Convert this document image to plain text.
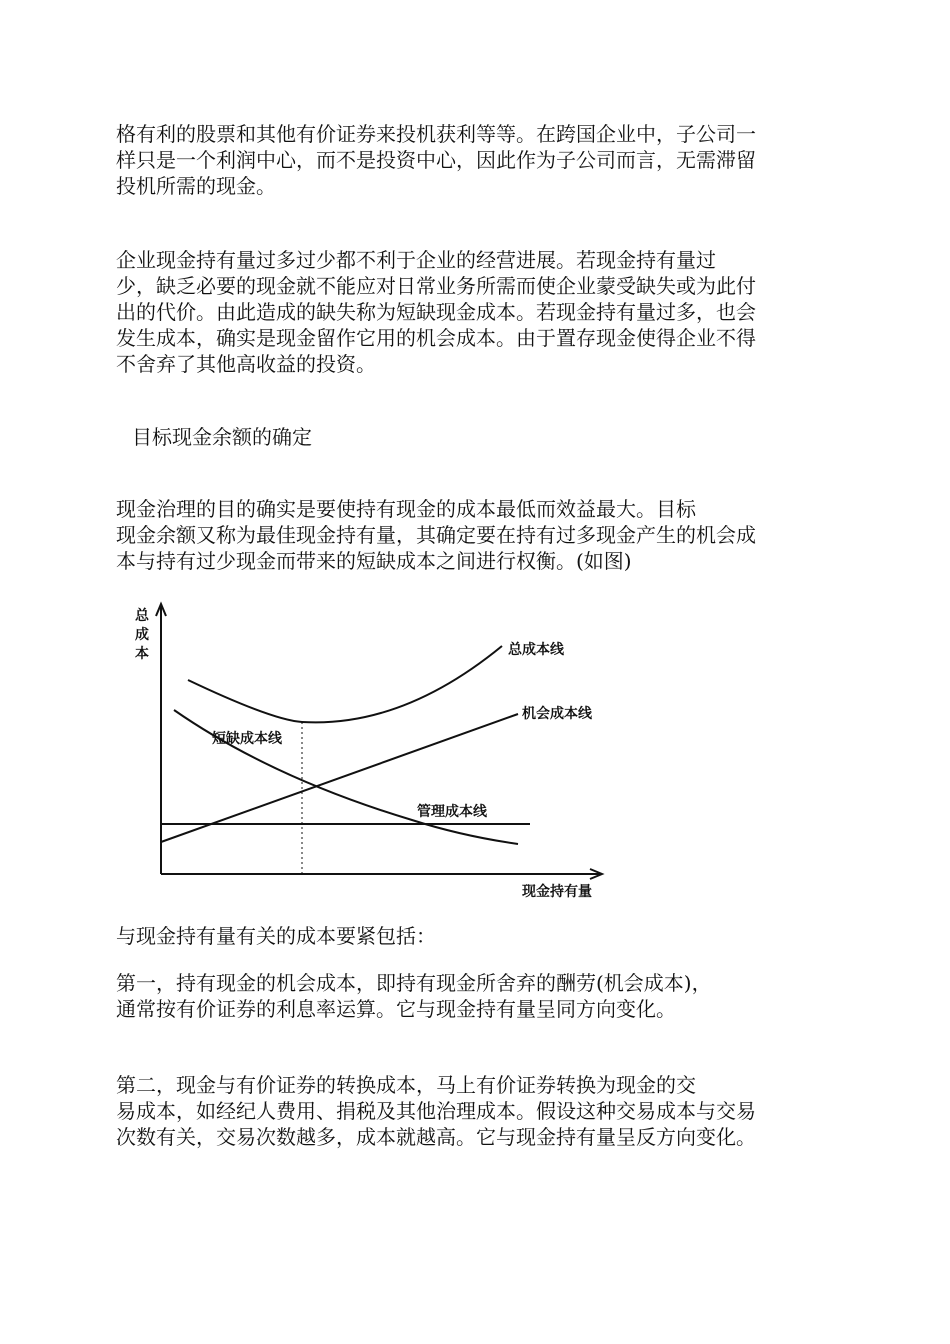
格有利的股票和其他有价证券来投机获利等等。在跨国企业中，子公司一
样只是一个利润中心，而不是投资中心，因此作为子公司而言，无需滞留
投机所需的现金。
企业现金持有量过多过少都不利于企业的经营进展。若现金持有量过
少，缺乏必要的现金就不能应对日常业务所需而使企业蒙受缺失或为此付
出的代价。由此造成的缺失称为短缺现金成本。若现金持有量过多，也会
发生成本，确实是现金留作它用的机会成本。由于置存现金使得企业不得
不舍弃了其他高收益的投资。
目标现金余额的确定
现金治理的目的确实是要使持有现金的成本最低而效益最大。目标
现金余额又称为最佳现金持有量，其确定要在持有过多现金产生的机会成
本与持有过少现金而带来的短缺成本之间进行权衡。(如图)
总
成
本	总成本线
机会成本线
短缺成本线
管理成本线
现金持有量
与现金持有量有关的成本要紧包括：
第一，持有现金的机会成本，即持有现金所舍弃的酬劳(机会成本)，
通常按有价证券的利息率运算。它与现金持有量呈同方向变化。
第二，现金与有价证券的转换成本，马上有价证券转换为现金的交
易成本，如经纪人费用、捐税及其他治理成本。假设这种交易成本与交易
次数有关，交易次数越多，成本就越高。它与现金持有量呈反方向变化。
